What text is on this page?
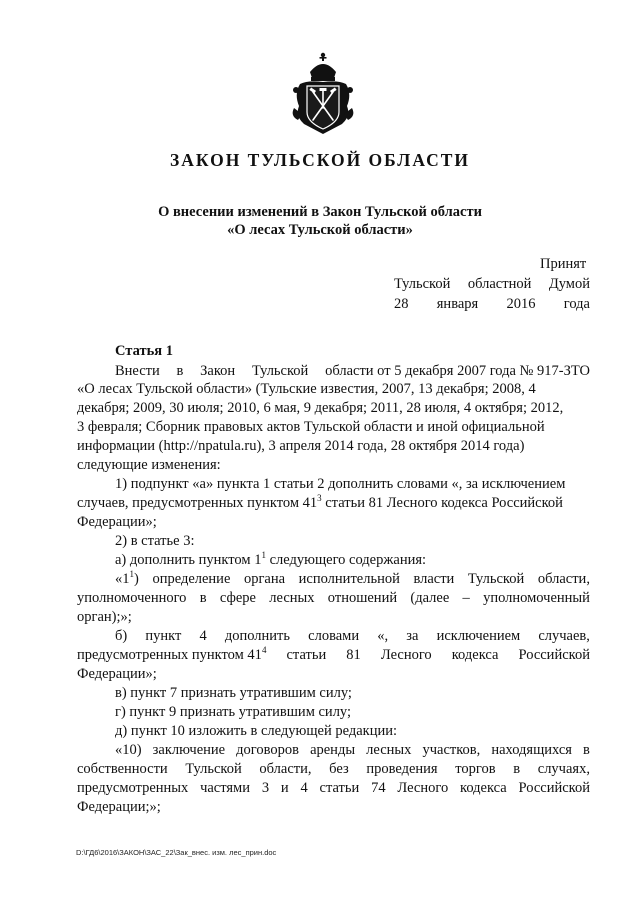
ЗАКОН ТУЛЬСКОЙ ОБЛАСТИ
О внесении изменений в Закон Тульской области
«О лесах Тульской области»
Принят
Тульской областной Думой
28 января 2016 года
Статья 1
Внести в Закон Тульской области от 5 декабря 2007 года № 917-ЗТО
«О лесах Тульской области» (Тульские известия, 2007, 13 декабря; 2008, 4
декабря; 2009, 30 июля; 2010, 6 мая, 9 декабря; 2011, 28 июля, 4 октября; 2012,
3 февраля; Сборник правовых актов Тульской области и иной официальной
информации (http://npatula.ru), 3 апреля 2014 года, 28 октября 2014 года)
следующие изменения:
1) подпункт «а» пункта 1 статьи 2 дополнить словами «, за исключением
случаев, предусмотренных пунктом $41^3$ статьи 81 Лесного кодекса Российской
Федерации»;
2) в статье 3:
а) дополнить пунктом $1^1$ следующего содержания:
«$1^1$) определение органа исполнительной власти Тульской области,
уполномоченного в сфере лесных отношений (далее – уполномоченный
орган);»;
б) пункт 4 дополнить словами «, за исключением случаев,
предусмотренных пунктом $41^4$ статьи 81 Лесного кодекса Российской
Федерации»;
в) пункт 7 признать утратившим силу;
г) пункт 9 признать утратившим силу;
д) пункт 10 изложить в следующей редакции:
«10) заключение договоров аренды лесных участков, находящихся в
собственности Тульской области, без проведения торгов в случаях,
предусмотренных частями 3 и 4 статьи 74 Лесного кодекса Российской
Федерации;»;
D:\ГД6\2016\ЗАКОН\ЗАС_22\Зак_внес. изм. лес_прин.doc
